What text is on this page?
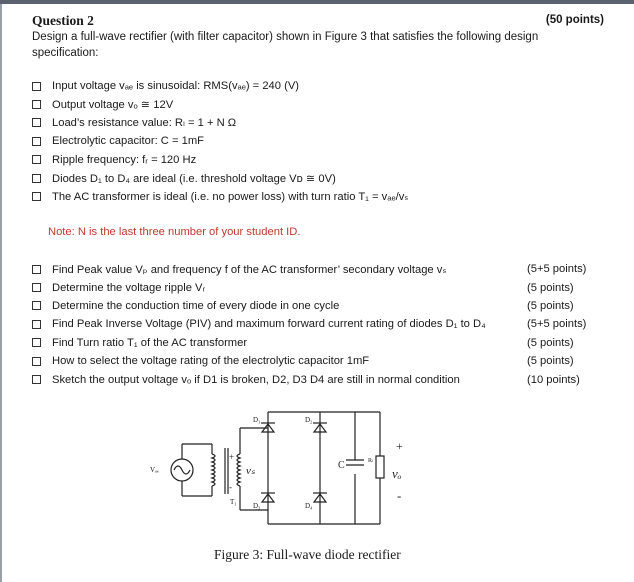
Question 2	(50 points)
Design a full-wave rectifier (with filter capacitor) shown in Figure 3 that satisfies the following design specification:
Input voltage vₐₑ is sinusoidal: RMS(vₐₑ) = 240 (V)
Output voltage vₒ ≅ 12V
Load’s resistance value: Rₗ = 1 + N Ω
Electrolytic capacitor: C = 1mF
Ripple frequency: fᵣ = 120 Hz
Diodes D₁ to D₄ are ideal (i.e. threshold voltage Vᴅ ≅ 0V)
The AC transformer is ideal (i.e. no power loss) with turn ratio T₁ = vₐₑ/vₛ
Note: N is the last three number of your student ID.
Find Peak value Vₚ and frequency f of the AC transformer’ secondary voltage vₛ	(5+5 points)
Determine the voltage ripple Vᵣ	(5 points)
Determine the conduction time of every diode in one cycle	(5 points)
Find Peak Inverse Voltage (PIV) and maximum forward current rating of diodes D₁ to D₄	(5+5 points)
Find Turn ratio T₁ of the AC transformer	(5 points)
How to select the voltage rating of the electrolytic capacitor 1mF	(5 points)
Sketch the output voltage vₒ if D1 is broken, D2, D3 D4 are still in normal condition	(10 points)
Vₐₑ
+
vₛ
-
T₁
D₁	D₂
D₃	D₄
C	Rₗ
+
vₒ
-
Figure 3: Full-wave diode rectifier
